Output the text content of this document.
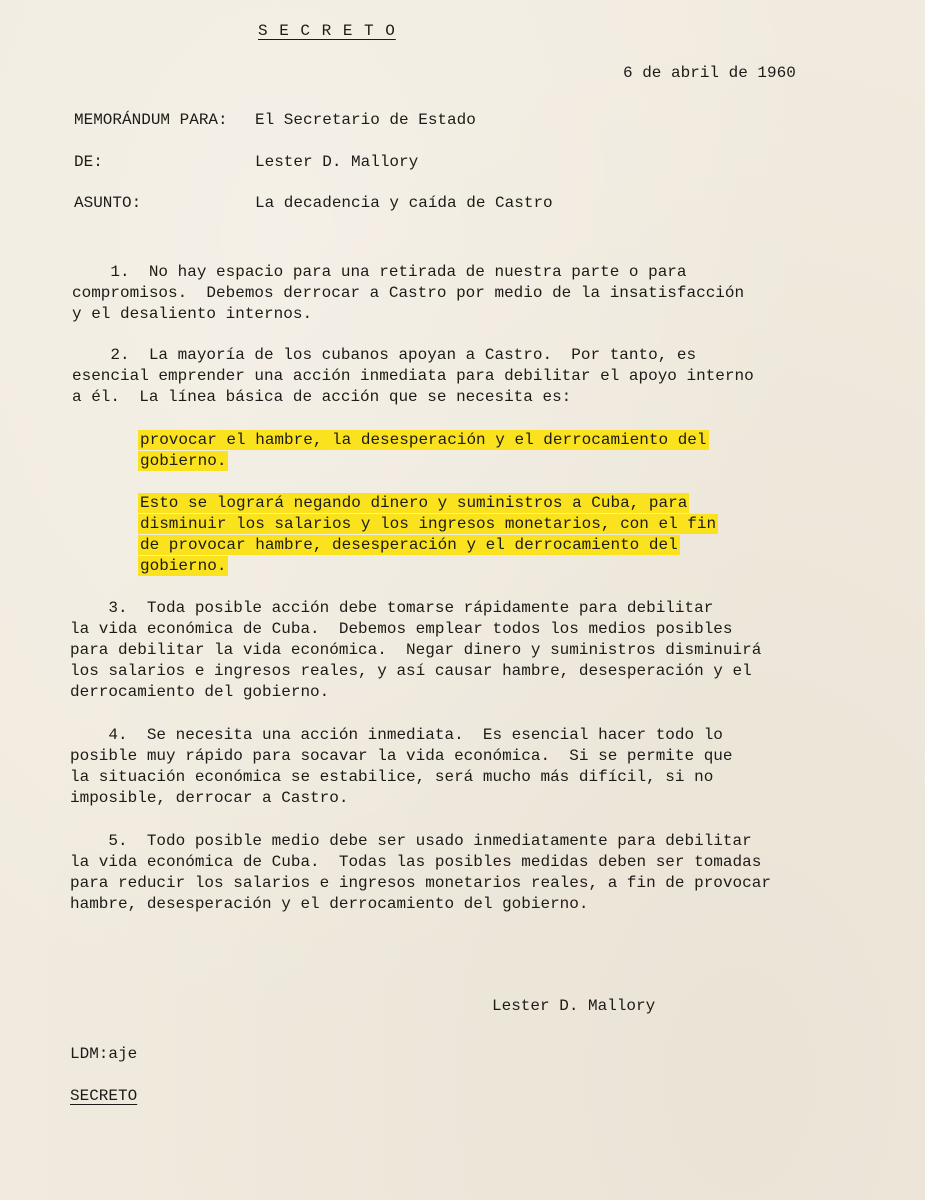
S E C R E T O
6 de abril de 1960
MEMORÁNDUM PARA: El Secretario de Estado
DE:	Lester D. Mallory
ASUNTO:	La decadencia y caída de Castro
1.  No hay espacio para una retirada de nuestra parte o para
compromisos.  Debemos derrocar a Castro por medio de la insatisfacción
y el desaliento internos.
2.  La mayoría de los cubanos apoyan a Castro.  Por tanto, es
esencial emprender una acción inmediata para debilitar el apoyo interno
a él.  La línea básica de acción que se necesita es:
provocar el hambre, la desesperación y el derrocamiento del
gobierno.
Esto se logrará negando dinero y suministros a Cuba, para
disminuir los salarios y los ingresos monetarios, con el fin
de provocar hambre, desesperación y el derrocamiento del
gobierno.
3.  Toda posible acción debe tomarse rápidamente para debilitar
la vida económica de Cuba.  Debemos emplear todos los medios posibles
para debilitar la vida económica.  Negar dinero y suministros disminuirá
los salarios e ingresos reales, y así causar hambre, desesperación y el
derrocamiento del gobierno.
4.  Se necesita una acción inmediata.  Es esencial hacer todo lo
posible muy rápido para socavar la vida económica.  Si se permite que
la situación económica se estabilice, será mucho más difícil, si no
imposible, derrocar a Castro.
5.  Todo posible medio debe ser usado inmediatamente para debilitar
la vida económica de Cuba.  Todas las posibles medidas deben ser tomadas
para reducir los salarios e ingresos monetarios reales, a fin de provocar
hambre, desesperación y el derrocamiento del gobierno.
Lester D. Mallory
LDM:aje
SECRETO
